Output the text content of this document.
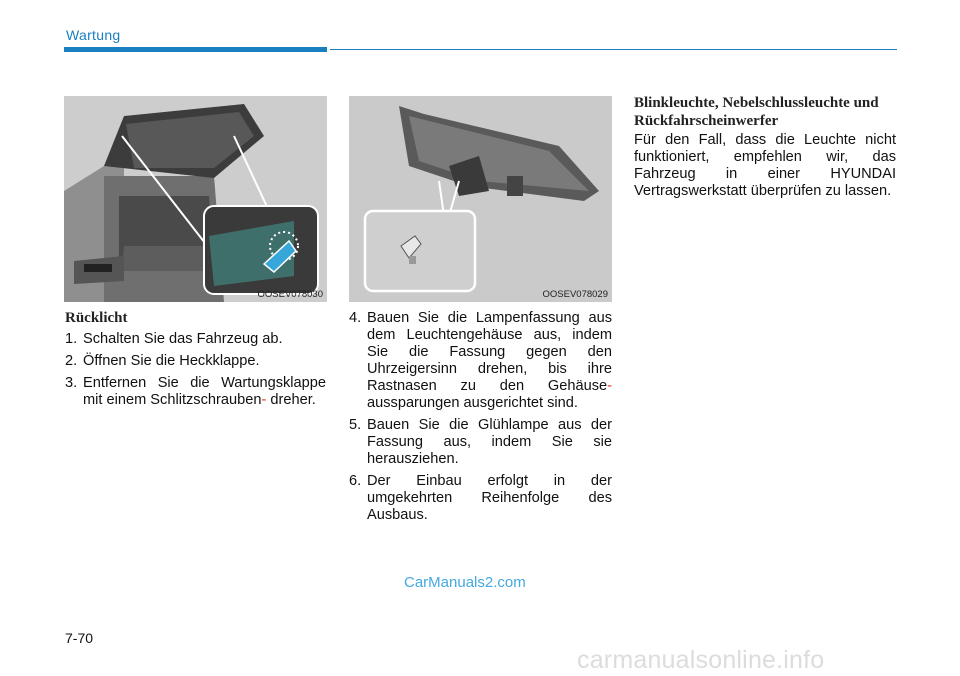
Wartung
OOSEV078030	OOSEV078029
Rücklicht
1. Schalten Sie das Fahrzeug ab.
2. Öffnen Sie die Heckklappe.
3. Entfernen Sie die Wartungsklappe mit einem Schlitzschrauben- dreher.
4. Bauen Sie die Lampenfassung aus dem Leuchtengehäuse aus, indem Sie die Fassung gegen den Uhrzeigersinn drehen, bis ihre Rastnasen zu den Gehäuse- aussparungen ausgerichtet sind.
5. Bauen Sie die Glühlampe aus der Fassung aus, indem Sie sie herausziehen.
6. Der Einbau erfolgt in der umgekehrten Reihenfolge des Ausbaus.
Blinkleuchte, Nebelschlussleuchte und Rückfahrscheinwerfer
Für den Fall, dass die Leuchte nicht funktioniert, empfehlen wir, das Fahrzeug in einer HYUNDAI Vertragswerkstatt überprüfen zu lassen.
7-70
CarManuals2.com
carmanualsonline.info
